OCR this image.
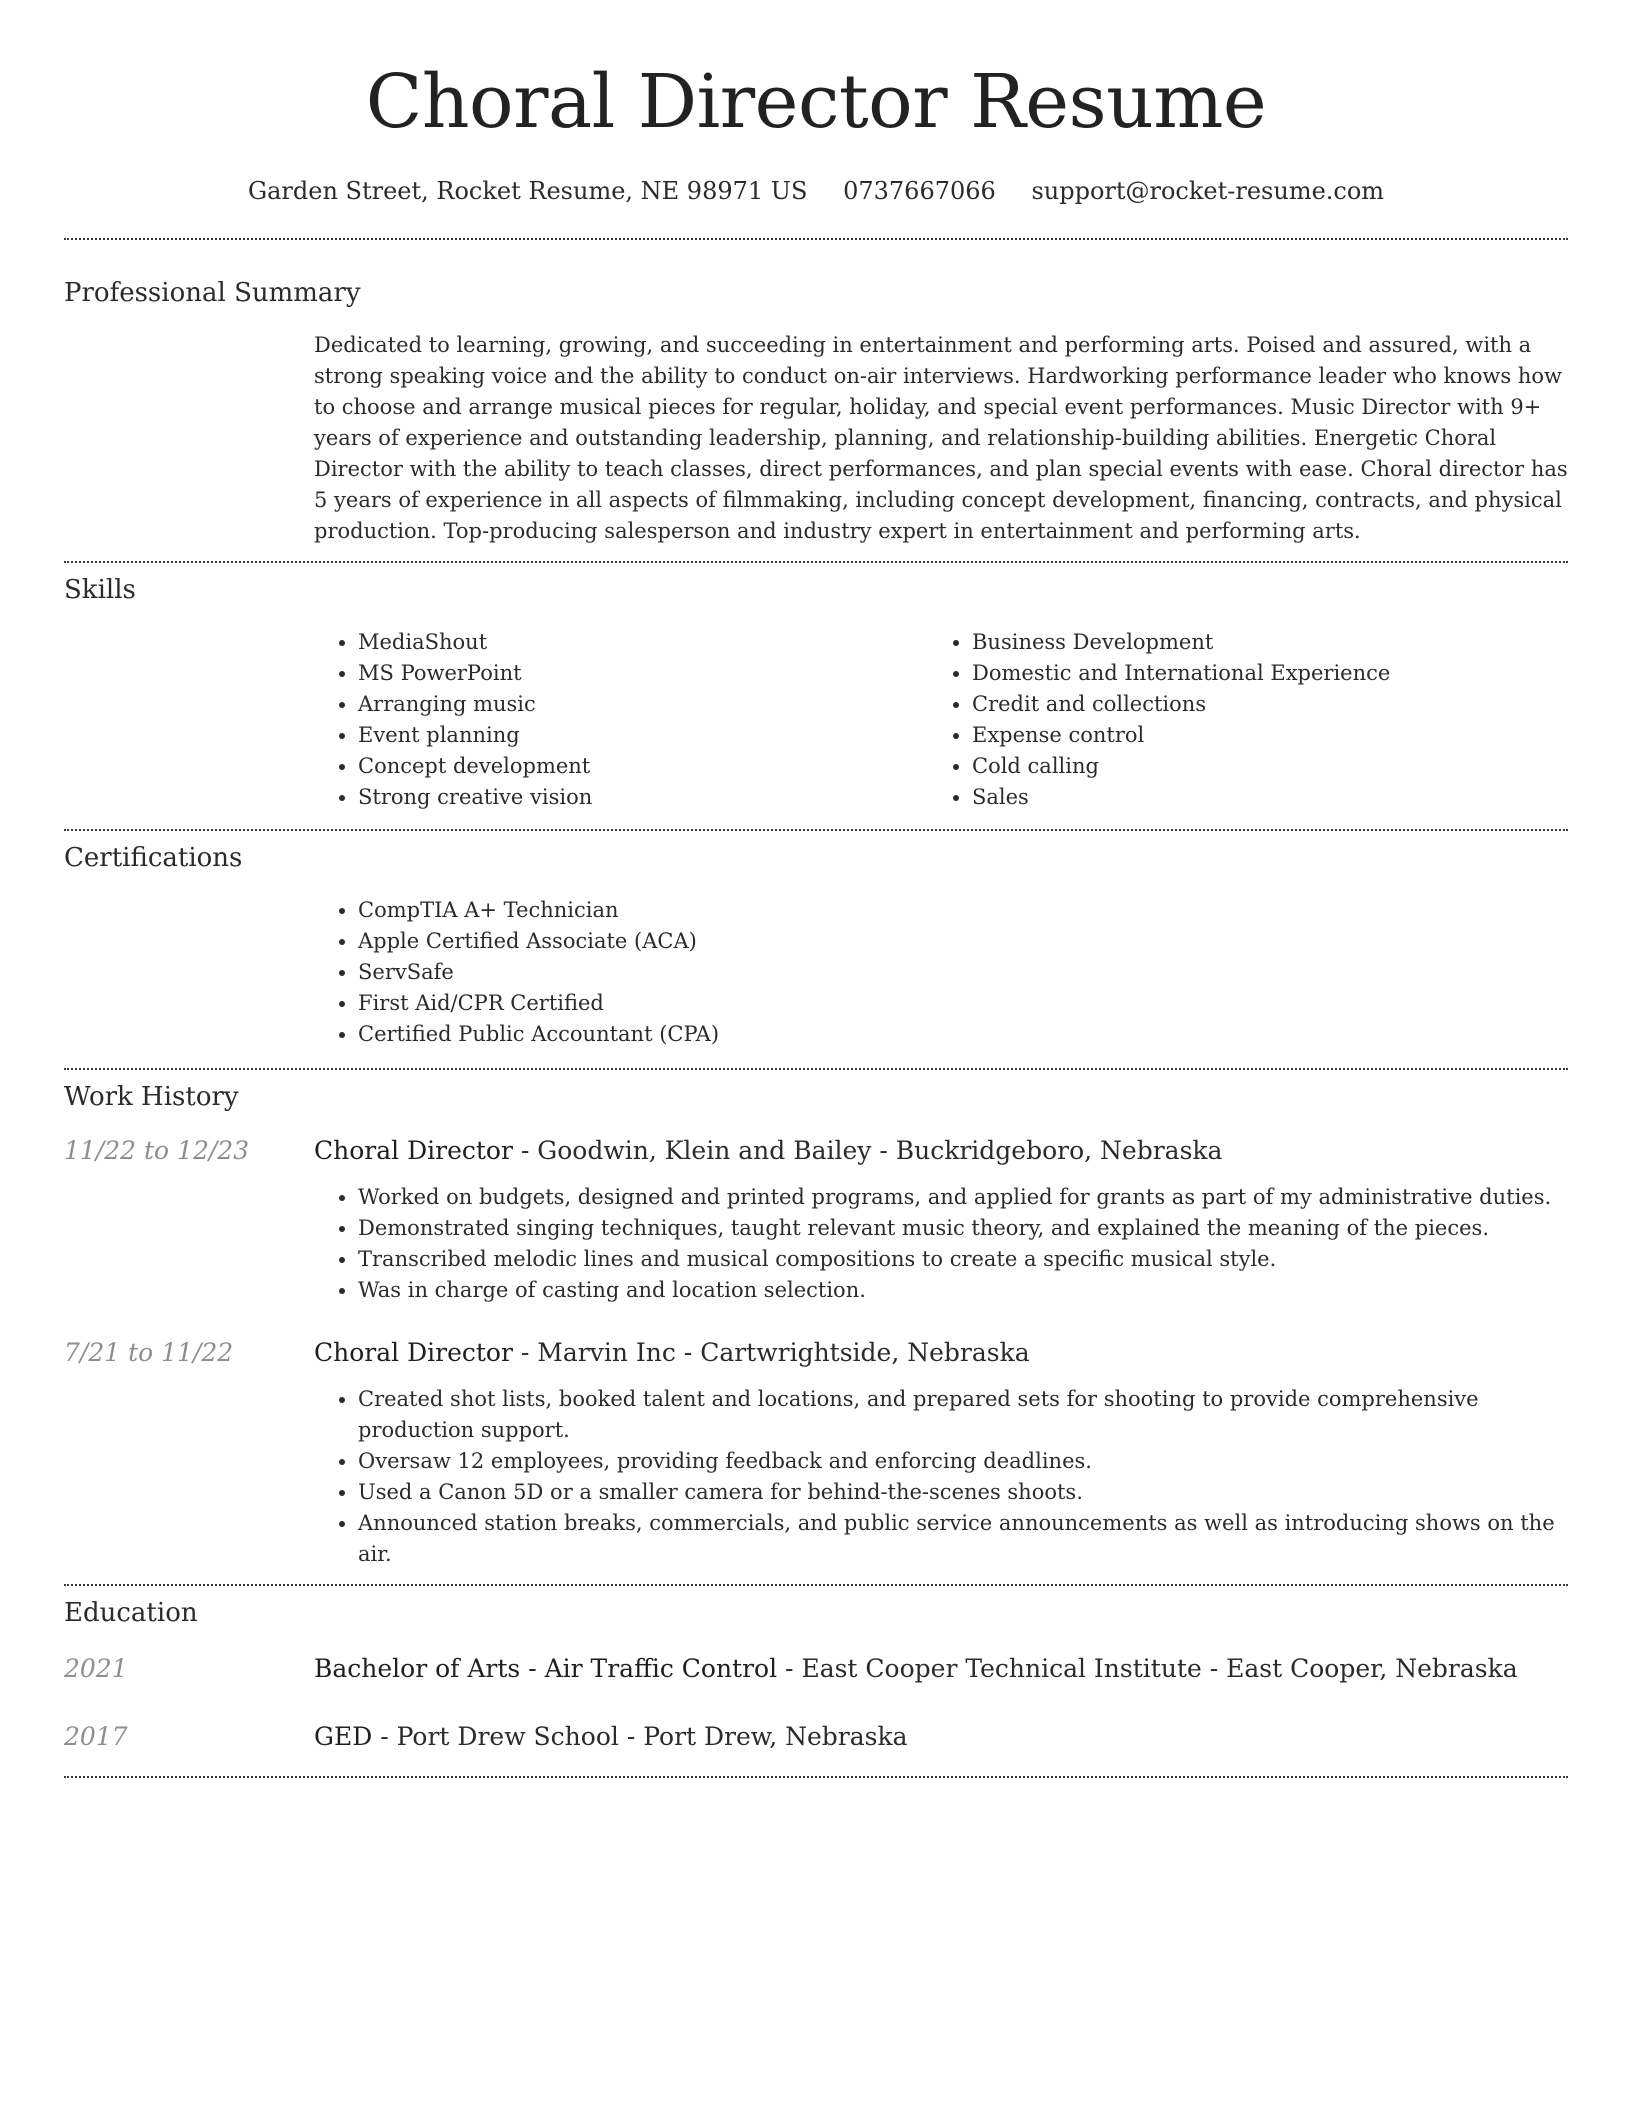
Choral Director Resume
Garden Street, Rocket Resume, NE 98971 US 0737667066 support@rocket-resume.com
Professional Summary
Dedicated to learning, growing, and succeeding in entertainment and performing arts. Poised and assured, with a strong speaking voice and the ability to conduct on-air interviews. Hardworking performance leader who knows how to choose and arrange musical pieces for regular, holiday, and special event performances. Music Director with 9+ years of experience and outstanding leadership, planning, and relationship-building abilities. Energetic Choral Director with the ability to teach classes, direct performances, and plan special events with ease. Choral director has 5 years of experience in all aspects of filmmaking, including concept development, financing, contracts, and physical production. Top-producing salesperson and industry expert in entertainment and performing arts.
Skills
• MediaShout
• MS PowerPoint
• Arranging music
• Event planning
• Concept development
• Strong creative vision
• Business Development
• Domestic and International Experience
• Credit and collections
• Expense control
• Cold calling
• Sales
Certifications
• CompTIA A+ Technician
• Apple Certified Associate (ACA)
• ServSafe
• First Aid/CPR Certified
• Certified Public Accountant (CPA)
Work History
11/22 to 12/23	Choral Director - Goodwin, Klein and Bailey - Buckridgeboro, Nebraska
• Worked on budgets, designed and printed programs, and applied for grants as part of my administrative duties.
• Demonstrated singing techniques, taught relevant music theory, and explained the meaning of the pieces.
• Transcribed melodic lines and musical compositions to create a specific musical style.
• Was in charge of casting and location selection.
7/21 to 11/22	Choral Director - Marvin Inc - Cartwrightside, Nebraska
• Created shot lists, booked talent and locations, and prepared sets for shooting to provide comprehensive production support.
• Oversaw 12 employees, providing feedback and enforcing deadlines.
• Used a Canon 5D or a smaller camera for behind-the-scenes shoots.
• Announced station breaks, commercials, and public service announcements as well as introducing shows on the air.
Education
2021	Bachelor of Arts - Air Traffic Control - East Cooper Technical Institute - East Cooper, Nebraska
2017	GED - Port Drew School - Port Drew, Nebraska
